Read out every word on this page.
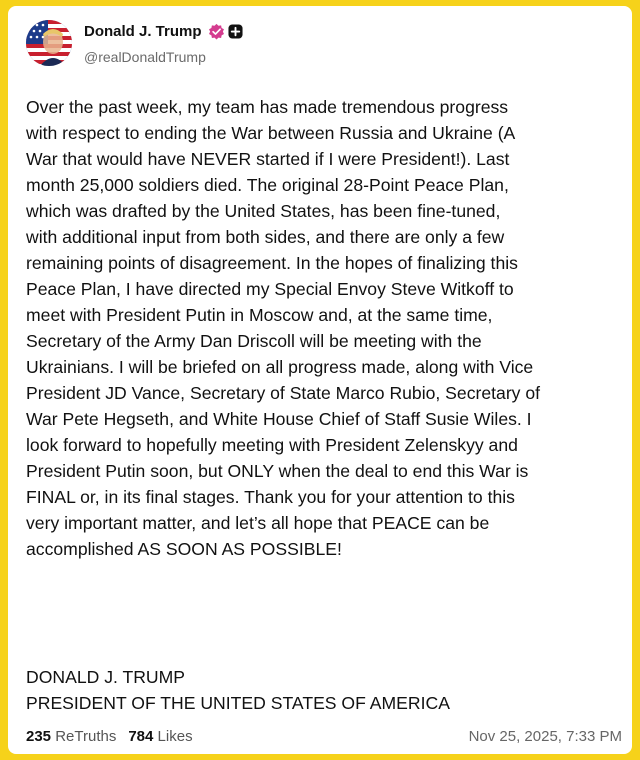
Donald J. Trump
@realDonaldTrump
Over the past week, my team has made tremendous progress
with respect to ending the War between Russia and Ukraine (A
War that would have NEVER started if I were President!). Last
month 25,000 soldiers died. The original 28-Point Peace Plan,
which was drafted by the United States, has been fine-tuned,
with additional input from both sides, and there are only a few
remaining points of disagreement. In the hopes of finalizing this
Peace Plan, I have directed my Special Envoy Steve Witkoff to
meet with President Putin in Moscow and, at the same time,
Secretary of the Army Dan Driscoll will be meeting with the
Ukrainians. I will be briefed on all progress made, along with Vice
President JD Vance, Secretary of State Marco Rubio, Secretary of
War Pete Hegseth, and White House Chief of Staff Susie Wiles. I
look forward to hopefully meeting with President Zelenskyy and
President Putin soon, but ONLY when the deal to end this War is
FINAL or, in its final stages. Thank you for your attention to this
very important matter, and let’s all hope that PEACE can be
accomplished AS SOON AS POSSIBLE!
DONALD J. TRUMP
PRESIDENT OF THE UNITED STATES OF AMERICA
235 ReTruths 784 Likes	Nov 25, 2025, 7:33 PM
